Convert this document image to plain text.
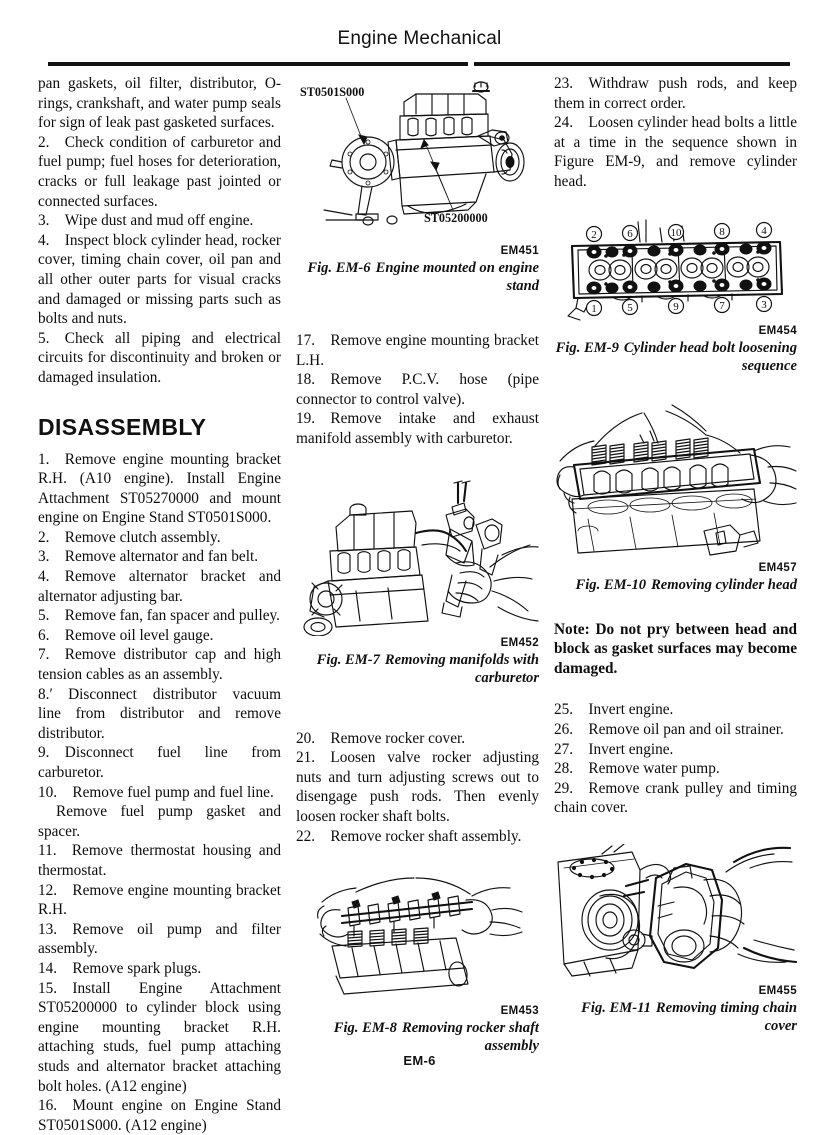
Engine Mechanical

pan gaskets, oil filter, distributor, O-rings, crankshaft, and water pump seals for sign of leak past gasketed surfaces.

2. Check condition of carburetor and fuel pump; fuel hoses for deterioration, cracks or full leakage past jointed or connected surfaces.

3. Wipe dust and mud off engine.

4. Inspect block cylinder head, rocker cover, timing chain cover, oil pan and all other outer parts for visual cracks and damaged or missing parts such as bolts and nuts.

5. Check all piping and electrical circuits for discontinuity and broken or damaged insulation.

DISASSEMBLY

1. Remove engine mounting bracket R.H. (A10 engine). Install Engine Attachment ST05270000 and mount engine on Engine Stand ST0501S000.

2. Remove clutch assembly.

3. Remove alternator and fan belt.

4. Remove alternator bracket and alternator adjusting bar.

5. Remove fan, fan spacer and pulley.

6. Remove oil level gauge.

7. Remove distributor cap and high tension cables as an assembly.

8.′ Disconnect distributor vacuum line from distributor and remove distributor.

9. Disconnect fuel line from carburetor.

10. Remove fuel pump and fuel line.

Remove fuel pump gasket and spacer.

11. Remove thermostat housing and thermostat.

12. Remove engine mounting bracket R.H.

13. Remove oil pump and filter assembly.

14. Remove spark plugs.

15. Install Engine Attachment ST05200000 to cylinder block using engine mounting bracket R.H. attaching studs, fuel pump attaching studs and alternator bracket attaching bolt holes. (A12 engine)

16. Mount engine on Engine Stand ST0501S000. (A12 engine)

ST0501S000
ST05200000
EM451
Fig. EM-6 Engine mounted on engine stand

17. Remove engine mounting bracket L.H.

18. Remove P.C.V. hose (pipe connector to control valve).

19. Remove intake and exhaust manifold assembly with carburetor.

EM452
Fig. EM-7 Removing manifolds with carburetor

20. Remove rocker cover.

21. Loosen valve rocker adjusting nuts and turn adjusting screws out to disengage push rods. Then evenly loosen rocker shaft bolts.

22. Remove rocker shaft assembly.

EM453
Fig. EM-8 Removing rocker shaft assembly

23. Withdraw push rods, and keep them in correct order.

24. Loosen cylinder head bolts a little at a time in the sequence shown in Figure EM-9, and remove cylinder head.

2	6	10	8	4
1	5	9	7	3
EM454
Fig. EM-9 Cylinder head bolt loosening sequence
EM457
Fig. EM-10 Removing cylinder head

Note: Do not pry between head and block as gasket surfaces may become damaged.

25. Invert engine.

26. Remove oil pan and oil strainer.

27. Invert engine.

28. Remove water pump.

29. Remove crank pulley and timing chain cover.

EM455
Fig. EM-11 Removing timing chain cover
EM-6
